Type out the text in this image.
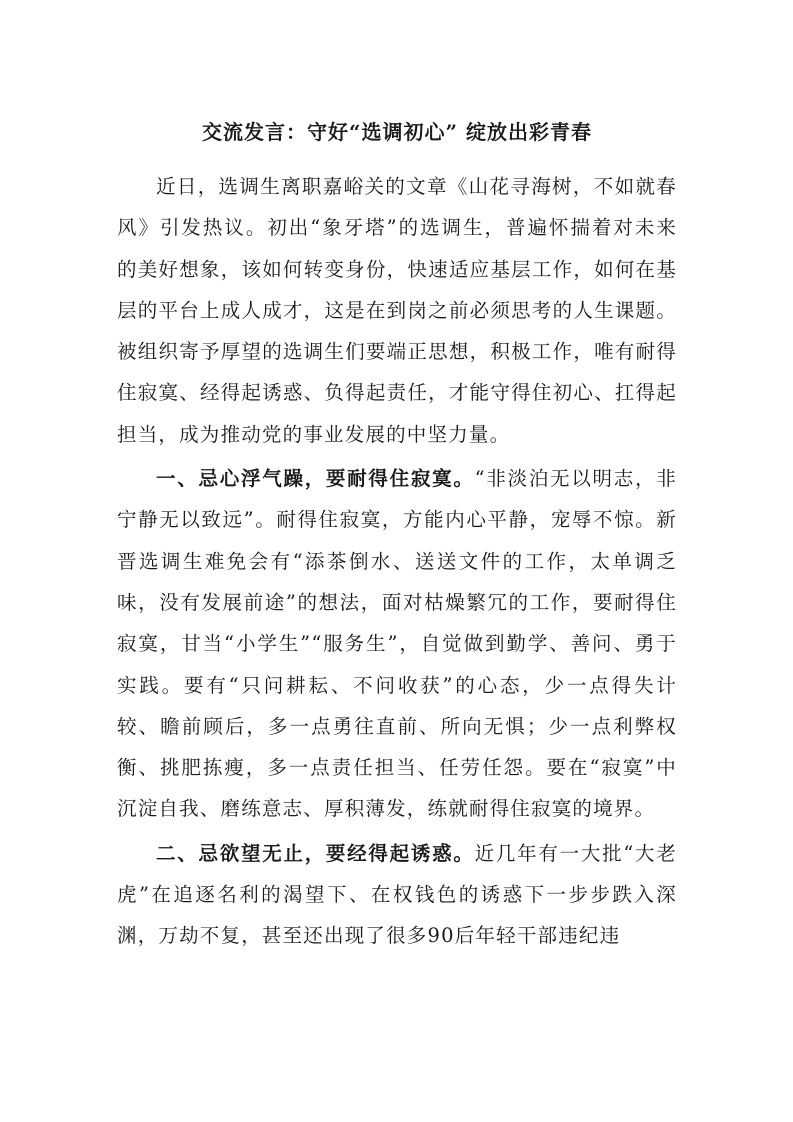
交流发言：守好“选调初心” 绽放出彩青春

近日，选调生离职嘉峪关的文章《山花寻海树，不如就春风》引发热议。初出“象牙塔”的选调生，普遍怀揣着对未来的美好想象，该如何转变身份，快速适应基层工作，如何在基层的平台上成人成才，这是在到岗之前必须思考的人生课题。被组织寄予厚望的选调生们要端正思想，积极工作，唯有耐得住寂寞、经得起诱惑、负得起责任，才能守得住初心、扛得起担当，成为推动党的事业发展的中坚力量。

一、忌心浮气躁，要耐得住寂寞。“非淡泊无以明志，非宁静无以致远”。耐得住寂寞，方能内心平静，宠辱不惊。新晋选调生难免会有“添茶倒水、送送文件的工作，太单调乏味，没有发展前途”的想法，面对枯燥繁冗的工作，要耐得住寂寞，甘当“小学生”“服务生”，自觉做到勤学、善问、勇于实践。要有“只问耕耘、不问收获”的心态，少一点得失计较、瞻前顾后，多一点勇往直前、所向无惧；少一点利弊权衡、挑肥拣瘦，多一点责任担当、任劳任怨。要在“寂寞”中沉淀自我、磨练意志、厚积薄发，练就耐得住寂寞的境界。

二、忌欲望无止，要经得起诱惑。近几年有一大批“大老虎”在追逐名利的渴望下、在权钱色的诱惑下一步步跌入深渊，万劫不复，甚至还出现了很多90后年轻干部违纪违
